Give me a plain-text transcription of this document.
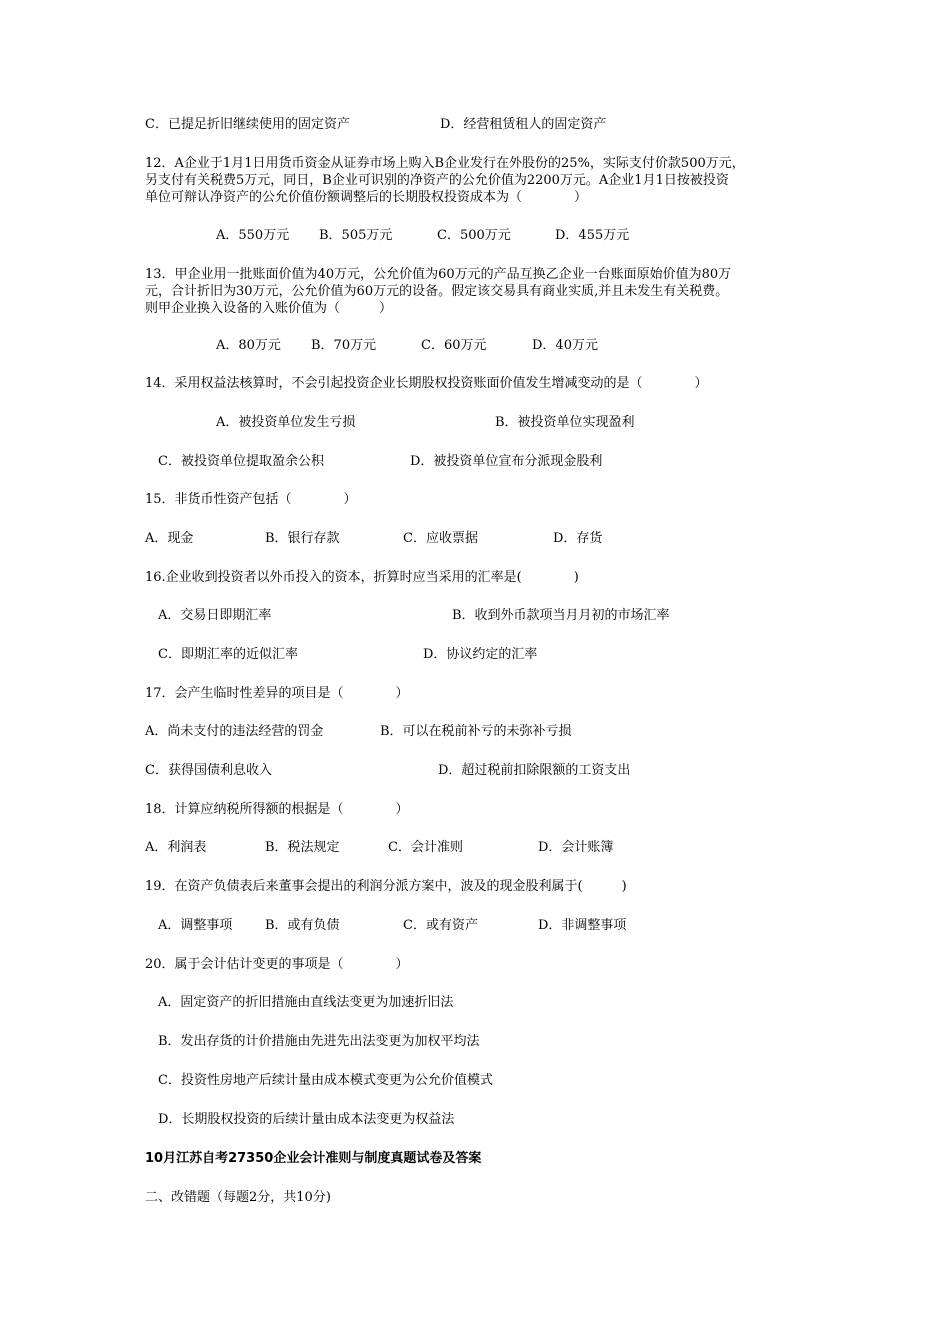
C．已提足折旧继续使用的固定资产	D．经营租赁租人的固定资产
12．A企业于1月1日用货币资金从证券市场上购入B企业发行在外股份的25%，实际支付价款500万元，
另支付有关税费5万元，同日，B企业可识别的净资产的公允价值为2200万元。A企业1月1日按被投资
单位可辩认净资产的公允价值份额调整后的长期股权投资成本为（　　　　）
A．550万元 B．505万元	C．500万元	D．455万元
13．甲企业用一批账面价值为40万元，公允价值为60万元的产品互换乙企业一台账面原始价值为80万
元，合计折旧为30万元，公允价值为60万元的设备。假定该交易具有商业实质,并且未发生有关税费。
则甲企业换入设备的入账价值为（　　　）
A．80万元 B．70万元	C．60万元	D．40万元
14．采用权益法核算时，不会引起投资企业长期股权投资账面价值发生增减变动的是（　　　　）
A．被投资单位发生亏损	B．被投资单位实现盈利
C．被投资单位提取盈余公积	D．被投资单位宣布分派现金股利
15．非货币性资产包括（　　　　）
A．现金	B．银行存款	C．应收票据	D．存货
16.企业收到投资者以外币投入的资本，折算时应当采用的汇率是(　　　　)
A．交易日即期汇率	B．收到外币款项当月月初的市场汇率
C．即期汇率的近似汇率	D．协议约定的汇率
17．会产生临时性差异的项目是（　　　　）
A．尚未支付的违法经营的罚金	B．可以在税前补亏的未弥补亏损
C．获得国债利息收入	D．超过税前扣除限额的工资支出
18．计算应纳税所得额的根据是（　　　　）
A．利润表	B．税法规定	C．会计准则	D．会计账簿
19．在资产负债表后来董事会提出的利润分派方案中，波及的现金股利属于(　　　)
A．调整事项	B．或有负债	C．或有资产	D．非调整事项
20．属于会计估计变更的事项是（　　　　）
A．固定资产的折旧措施由直线法变更为加速折旧法
B．发出存货的计价措施由先进先出法变更为加权平均法
C．投资性房地产后续计量由成本模式变更为公允价值模式
D．长期股权投资的后续计量由成本法变更为权益法
10月江苏自考27350企业会计准则与制度真题试卷及答案
二、改错题（每题2分，共10分)
